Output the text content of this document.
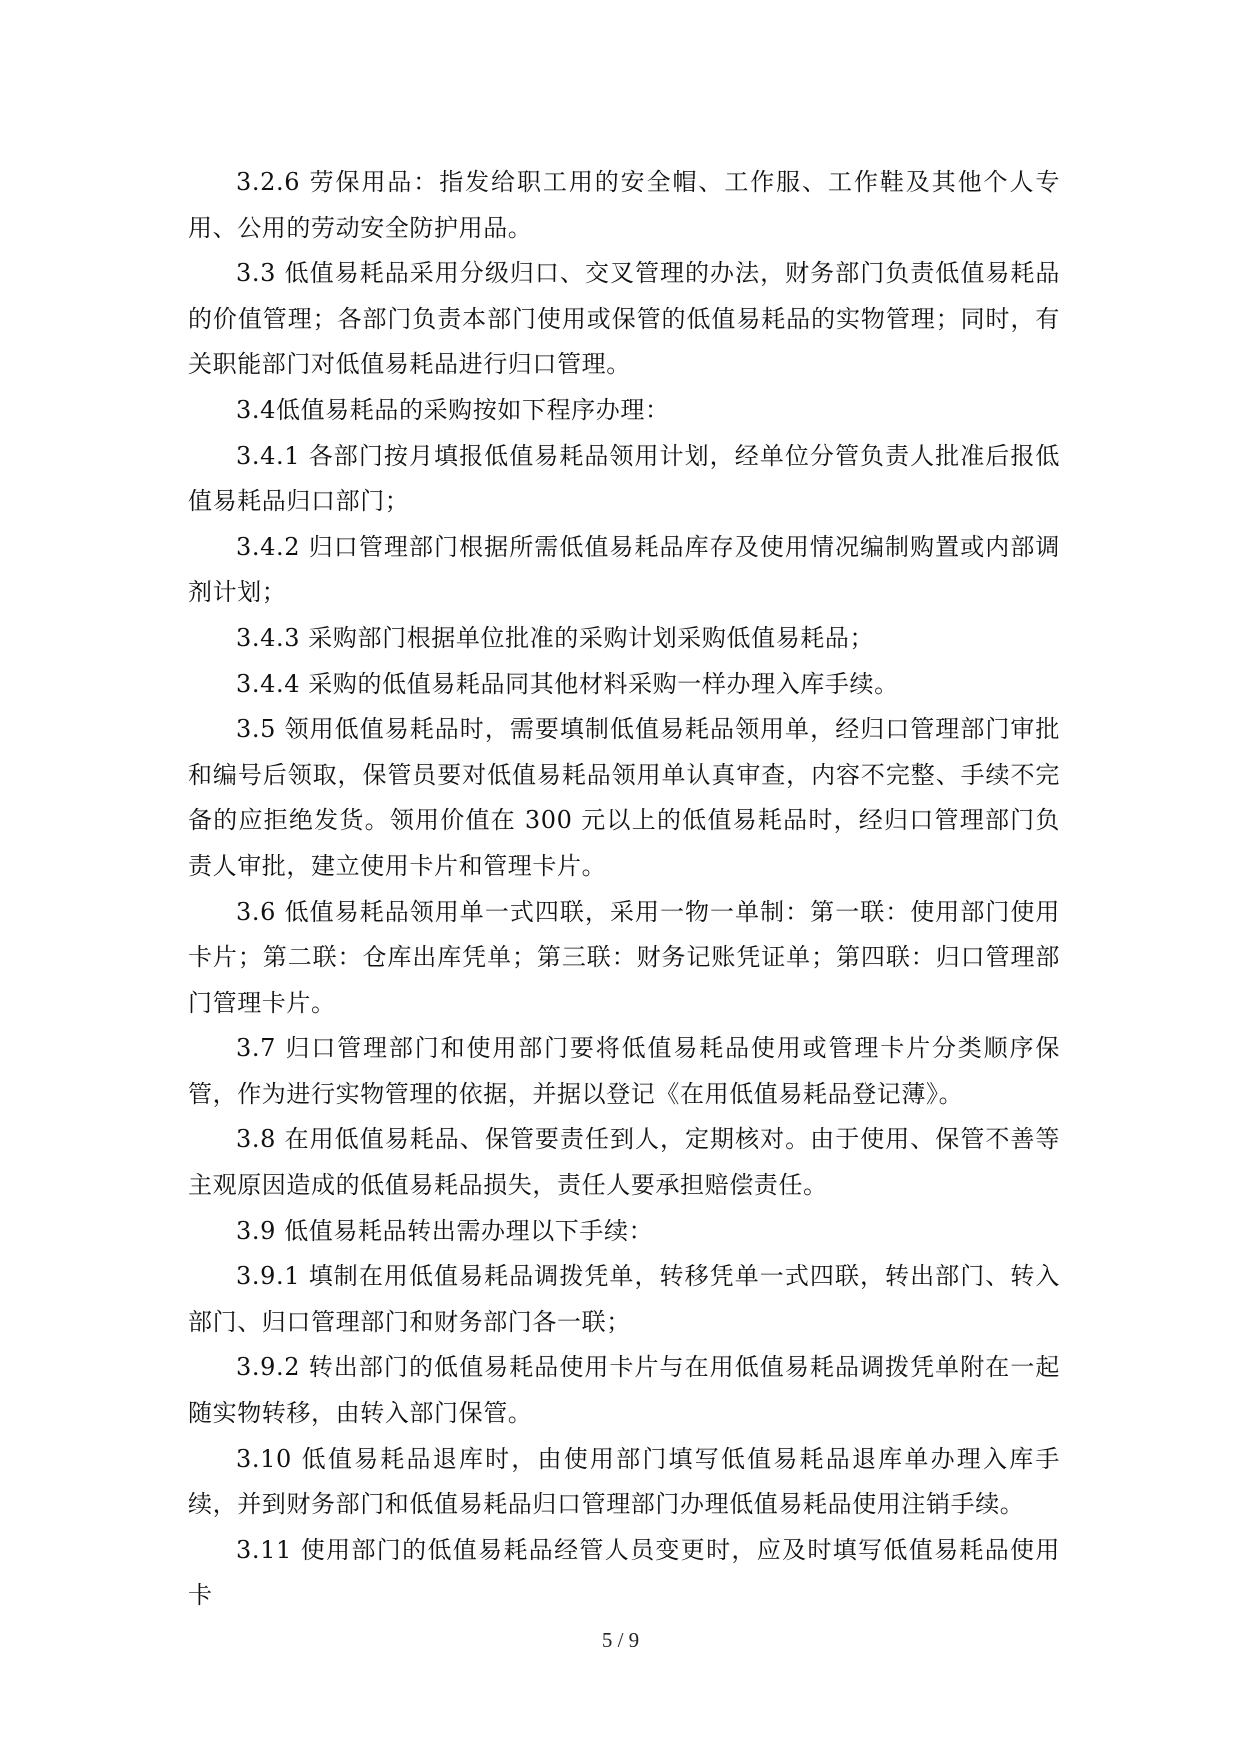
3.2.6 劳保用品：指发给职工用的安全帽、工作服、工作鞋及其他个人专用、公用的劳动安全防护用品。

3.3 低值易耗品采用分级归口、交叉管理的办法，财务部门负责低值易耗品的价值管理；各部门负责本部门使用或保管的低值易耗品的实物管理；同时，有关职能部门对低值易耗品进行归口管理。

3.4低值易耗品的采购按如下程序办理：

3.4.1 各部门按月填报低值易耗品领用计划，经单位分管负责人批准后报低值易耗品归口部门；

3.4.2 归口管理部门根据所需低值易耗品库存及使用情况编制购置或内部调剂计划；

3.4.3 采购部门根据单位批准的采购计划采购低值易耗品；

3.4.4 采购的低值易耗品同其他材料采购一样办理入库手续。

3.5 领用低值易耗品时，需要填制低值易耗品领用单，经归口管理部门审批和编号后领取，保管员要对低值易耗品领用单认真审查，内容不完整、手续不完备的应拒绝发货。领用价值在 300 元以上的低值易耗品时，经归口管理部门负责人审批，建立使用卡片和管理卡片。

3.6 低值易耗品领用单一式四联，采用一物一单制：第一联：使用部门使用卡片；第二联：仓库出库凭单；第三联：财务记账凭证单；第四联：归口管理部门管理卡片。

3.7 归口管理部门和使用部门要将低值易耗品使用或管理卡片分类顺序保管，作为进行实物管理的依据，并据以登记《在用低值易耗品登记薄》。

3.8 在用低值易耗品、保管要责任到人，定期核对。由于使用、保管不善等主观原因造成的低值易耗品损失，责任人要承担赔偿责任。

3.9 低值易耗品转出需办理以下手续：

3.9.1 填制在用低值易耗品调拨凭单，转移凭单一式四联，转出部门、转入部门、归口管理部门和财务部门各一联；

3.9.2 转出部门的低值易耗品使用卡片与在用低值易耗品调拨凭单附在一起随实物转移，由转入部门保管。

3.10 低值易耗品退库时，由使用部门填写低值易耗品退库单办理入库手续，并到财务部门和低值易耗品归口管理部门办理低值易耗品使用注销手续。

3.11 使用部门的低值易耗品经管人员变更时，应及时填写低值易耗品使用卡

5 / 9
